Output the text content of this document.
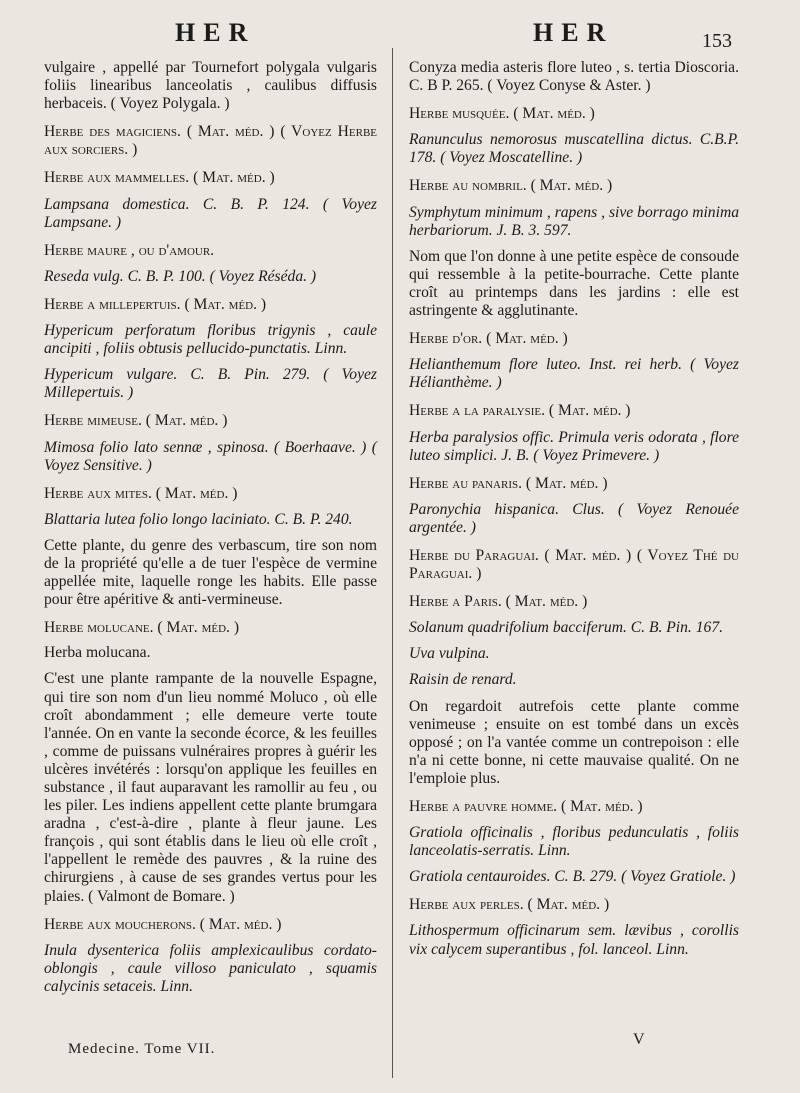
HER	HER	153

vulgaire , appellé par Tournefort polygala vulgaris foliis linearibus lanceolatis , caulibus diffusis herbaceis. ( Voyez Polygala. )

Herbe des magiciens. ( Mat. méd. ) ( Voyez Herbe aux sorciers. )

Herbe aux mammelles. ( Mat. méd. )

Lampsana domestica. C. B. P. 124. ( Voyez Lampsane. )

Herbe maure , ou d'amour.

Reseda vulg. C. B. P. 100. ( Voyez Réséda. )

Herbe a millepertuis. ( Mat. méd. )

Hypericum perforatum floribus trigynis , caule ancipiti , foliis obtusis pellucido-punctatis. Linn.

Hypericum vulgare. C. B. Pin. 279. ( Voyez Millepertuis. )

Herbe mimeuse. ( Mat. méd. )

Mimosa folio lato sennæ , spinosa. ( Boerhaave. ) ( Voyez Sensitive. )

Herbe aux mites. ( Mat. méd. )

Blattaria lutea folio longo laciniato. C. B. P. 240.

Cette plante, du genre des verbascum, tire son nom de la propriété qu'elle a de tuer l'espèce de vermine appellée mite, laquelle ronge les habits. Elle passe pour être apéritive & anti-vermineuse.

Herbe molucane. ( Mat. méd. )

Herba molucana.

C'est une plante rampante de la nouvelle Espagne, qui tire son nom d'un lieu nommé Moluco , où elle croît abondamment ; elle demeure verte toute l'année. On en vante la seconde écorce, & les feuilles , comme de puissans vulnéraires propres à guérir les ulcères invétérés : lorsqu'on applique les feuilles en substance , il faut auparavant les ramollir au feu , ou les piler. Les indiens appellent cette plante brumgara aradna , c'est-à-dire , plante à fleur jaune. Les françois , qui sont établis dans le lieu où elle croît , l'appellent le remède des pauvres , & la ruine des chirurgiens , à cause de ses grandes vertus pour les plaies. ( Valmont de Bomare. )

Herbe aux moucherons. ( Mat. méd. )

Inula dysenterica foliis amplexicaulibus cordato-oblongis , caule villoso paniculato , squamis calycinis setaceis. Linn.

Conyza media asteris flore luteo , s. tertia Dioscoria. C. B P. 265. ( Voyez Conyse & Aster. )

Herbe musquée. ( Mat. méd. )

Ranunculus nemorosus muscatellina dictus. C.B.P. 178. ( Voyez Moscatelline. )

Herbe au nombril. ( Mat. méd. )

Symphytum minimum , rapens , sive borrago minima herbariorum. J. B. 3. 597.

Nom que l'on donne à une petite espèce de consoude qui ressemble à la petite-bourrache. Cette plante croît au printemps dans les jardins : elle est astringente & agglutinante.

Herbe d'or. ( Mat. méd. )

Helianthemum flore luteo. Inst. rei herb. ( Voyez Hélianthème. )

Herbe a la paralysie. ( Mat. méd. )

Herba paralysios offic. Primula veris odorata , flore luteo simplici. J. B. ( Voyez Primevere. )

Herbe au panaris. ( Mat. méd. )

Paronychia hispanica. Clus. ( Voyez Renouée argentée. )

Herbe du Paraguai. ( Mat. méd. ) ( Voyez Thé du Paraguai. )

Herbe a Paris. ( Mat. méd. )

Solanum quadrifolium bacciferum. C. B. Pin. 167.

Uva vulpina.

Raisin de renard.

On regardoit autrefois cette plante comme venimeuse ; ensuite on est tombé dans un excès opposé ; on l'a vantée comme un contrepoison : elle n'a ni cette bonne, ni cette mauvaise qualité. On ne l'emploie plus.

Herbe a pauvre homme. ( Mat. méd. )

Gratiola officinalis , floribus pedunculatis , foliis lanceolatis-serratis. Linn.

Gratiola centauroides. C. B. 279. ( Voyez Gratiole. )

Herbe aux perles. ( Mat. méd. )

Lithospermum officinarum sem. lævibus , corollis vix calycem superantibus , fol. lanceol. Linn.

Medecine. Tome VII.
V
